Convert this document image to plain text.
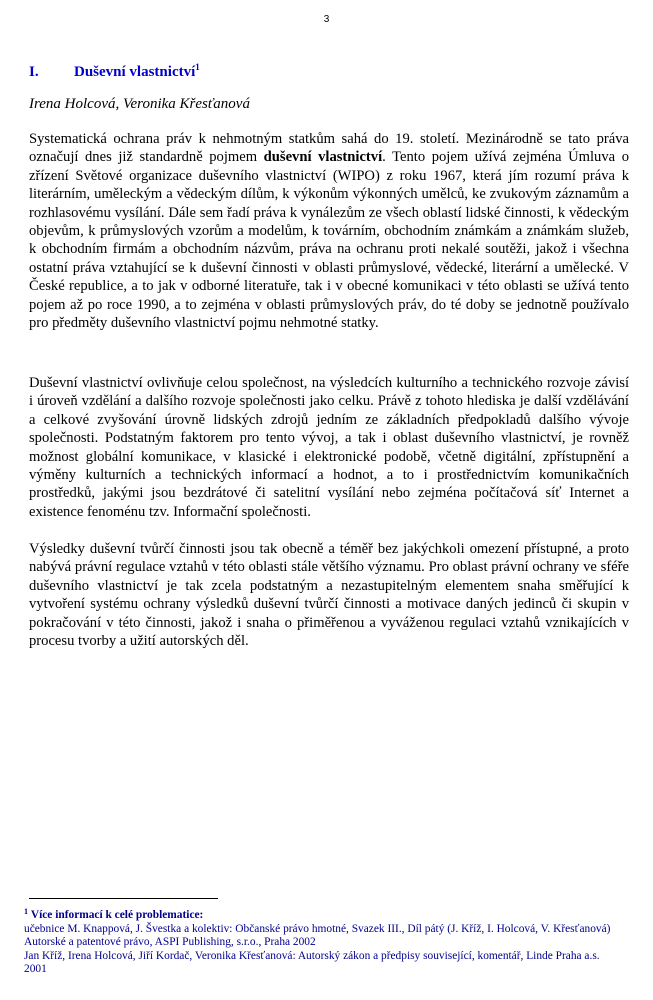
3
I. Duševní vlastnictví$^1$
Irena Holcová, Veronika Křesťanová

Systematická ochrana práv k nehmotným statkům sahá do 19. století. Mezinárodně se tato práva označují dnes již standardně pojmem duševní vlastnictví. Tento pojem užívá zejména Úmluva o zřízení Světové organizace duševního vlastnictví (WIPO) z roku 1967, která jím rozumí práva k literárním, uměleckým a vědeckým dílům, k výkonům výkonných umělců, ke zvukovým záznamům a rozhlasovému vysílání. Dále sem řadí práva k vynálezům ze všech oblastí lidské činnosti, k vědeckým objevům, k průmyslových vzorům a modelům, k továrním, obchodním známkám a známkám služeb, k obchodním firmám a obchodním názvům, práva na ochranu proti nekalé soutěži, jakož i všechna ostatní práva vztahující se k duševní činnosti v oblasti průmyslové, vědecké, literární a umělecké. V České republice, a to jak v odborné literatuře, tak i v obecné komunikaci v této oblasti se užívá tento pojem až po roce 1990, a to zejména v oblasti průmyslových práv, do té doby se jednotně používalo pro předměty duševního vlastnictví pojmu nehmotné statky.

Duševní vlastnictví ovlivňuje celou společnost, na výsledcích kulturního a technického rozvoje závisí i úroveň vzdělání a dalšího rozvoje společnosti jako celku. Právě z tohoto hlediska je další vzdělávání a celkové zvyšování úrovně lidských zdrojů jedním ze základních předpokladů dalšího vývoje společnosti. Podstatným faktorem pro tento vývoj, a tak i oblast duševního vlastnictví, je rovněž možnost globální komunikace, v klasické i elektronické podobě, včetně digitální, zpřístupnění a výměny kulturních a technických informací a hodnot, a to i prostřednictvím komunikačních prostředků, jakými jsou bezdrátové či satelitní vysílání nebo zejména počítačová síť Internet a existence fenoménu tzv. Informační společnosti.

Výsledky duševní tvůrčí činnosti jsou tak obecně a téměř bez jakýchkoli omezení přístupné, a proto nabývá právní regulace vztahů v této oblasti stále většího významu. Pro oblast právní ochrany ve sféře duševního vlastnictví je tak zcela podstatným a nezastupitelným elementem snaha směřující k vytvoření systému ochrany výsledků duševní tvůrčí činnosti a motivace daných jedinců či skupin v pokračování v této činnosti, jakož i snaha o přiměřenou a vyváženou regulaci vztahů vznikajících v procesu tvorby a užití autorských děl.

$^1$ Více informací k celé problematice:
učebnice M. Knappová, J. Švestka a kolektiv: Občanské právo hmotné, Svazek III., Díl pátý (J. Kříž, I. Holcová, V. Křesťanová) Autorské a patentové právo, ASPI Publishing, s.r.o., Praha 2002
Jan Kříž, Irena Holcová, Jiří Kordač, Veronika Křesťanová: Autorský zákon a předpisy související, komentář, Linde Praha a.s. 2001
